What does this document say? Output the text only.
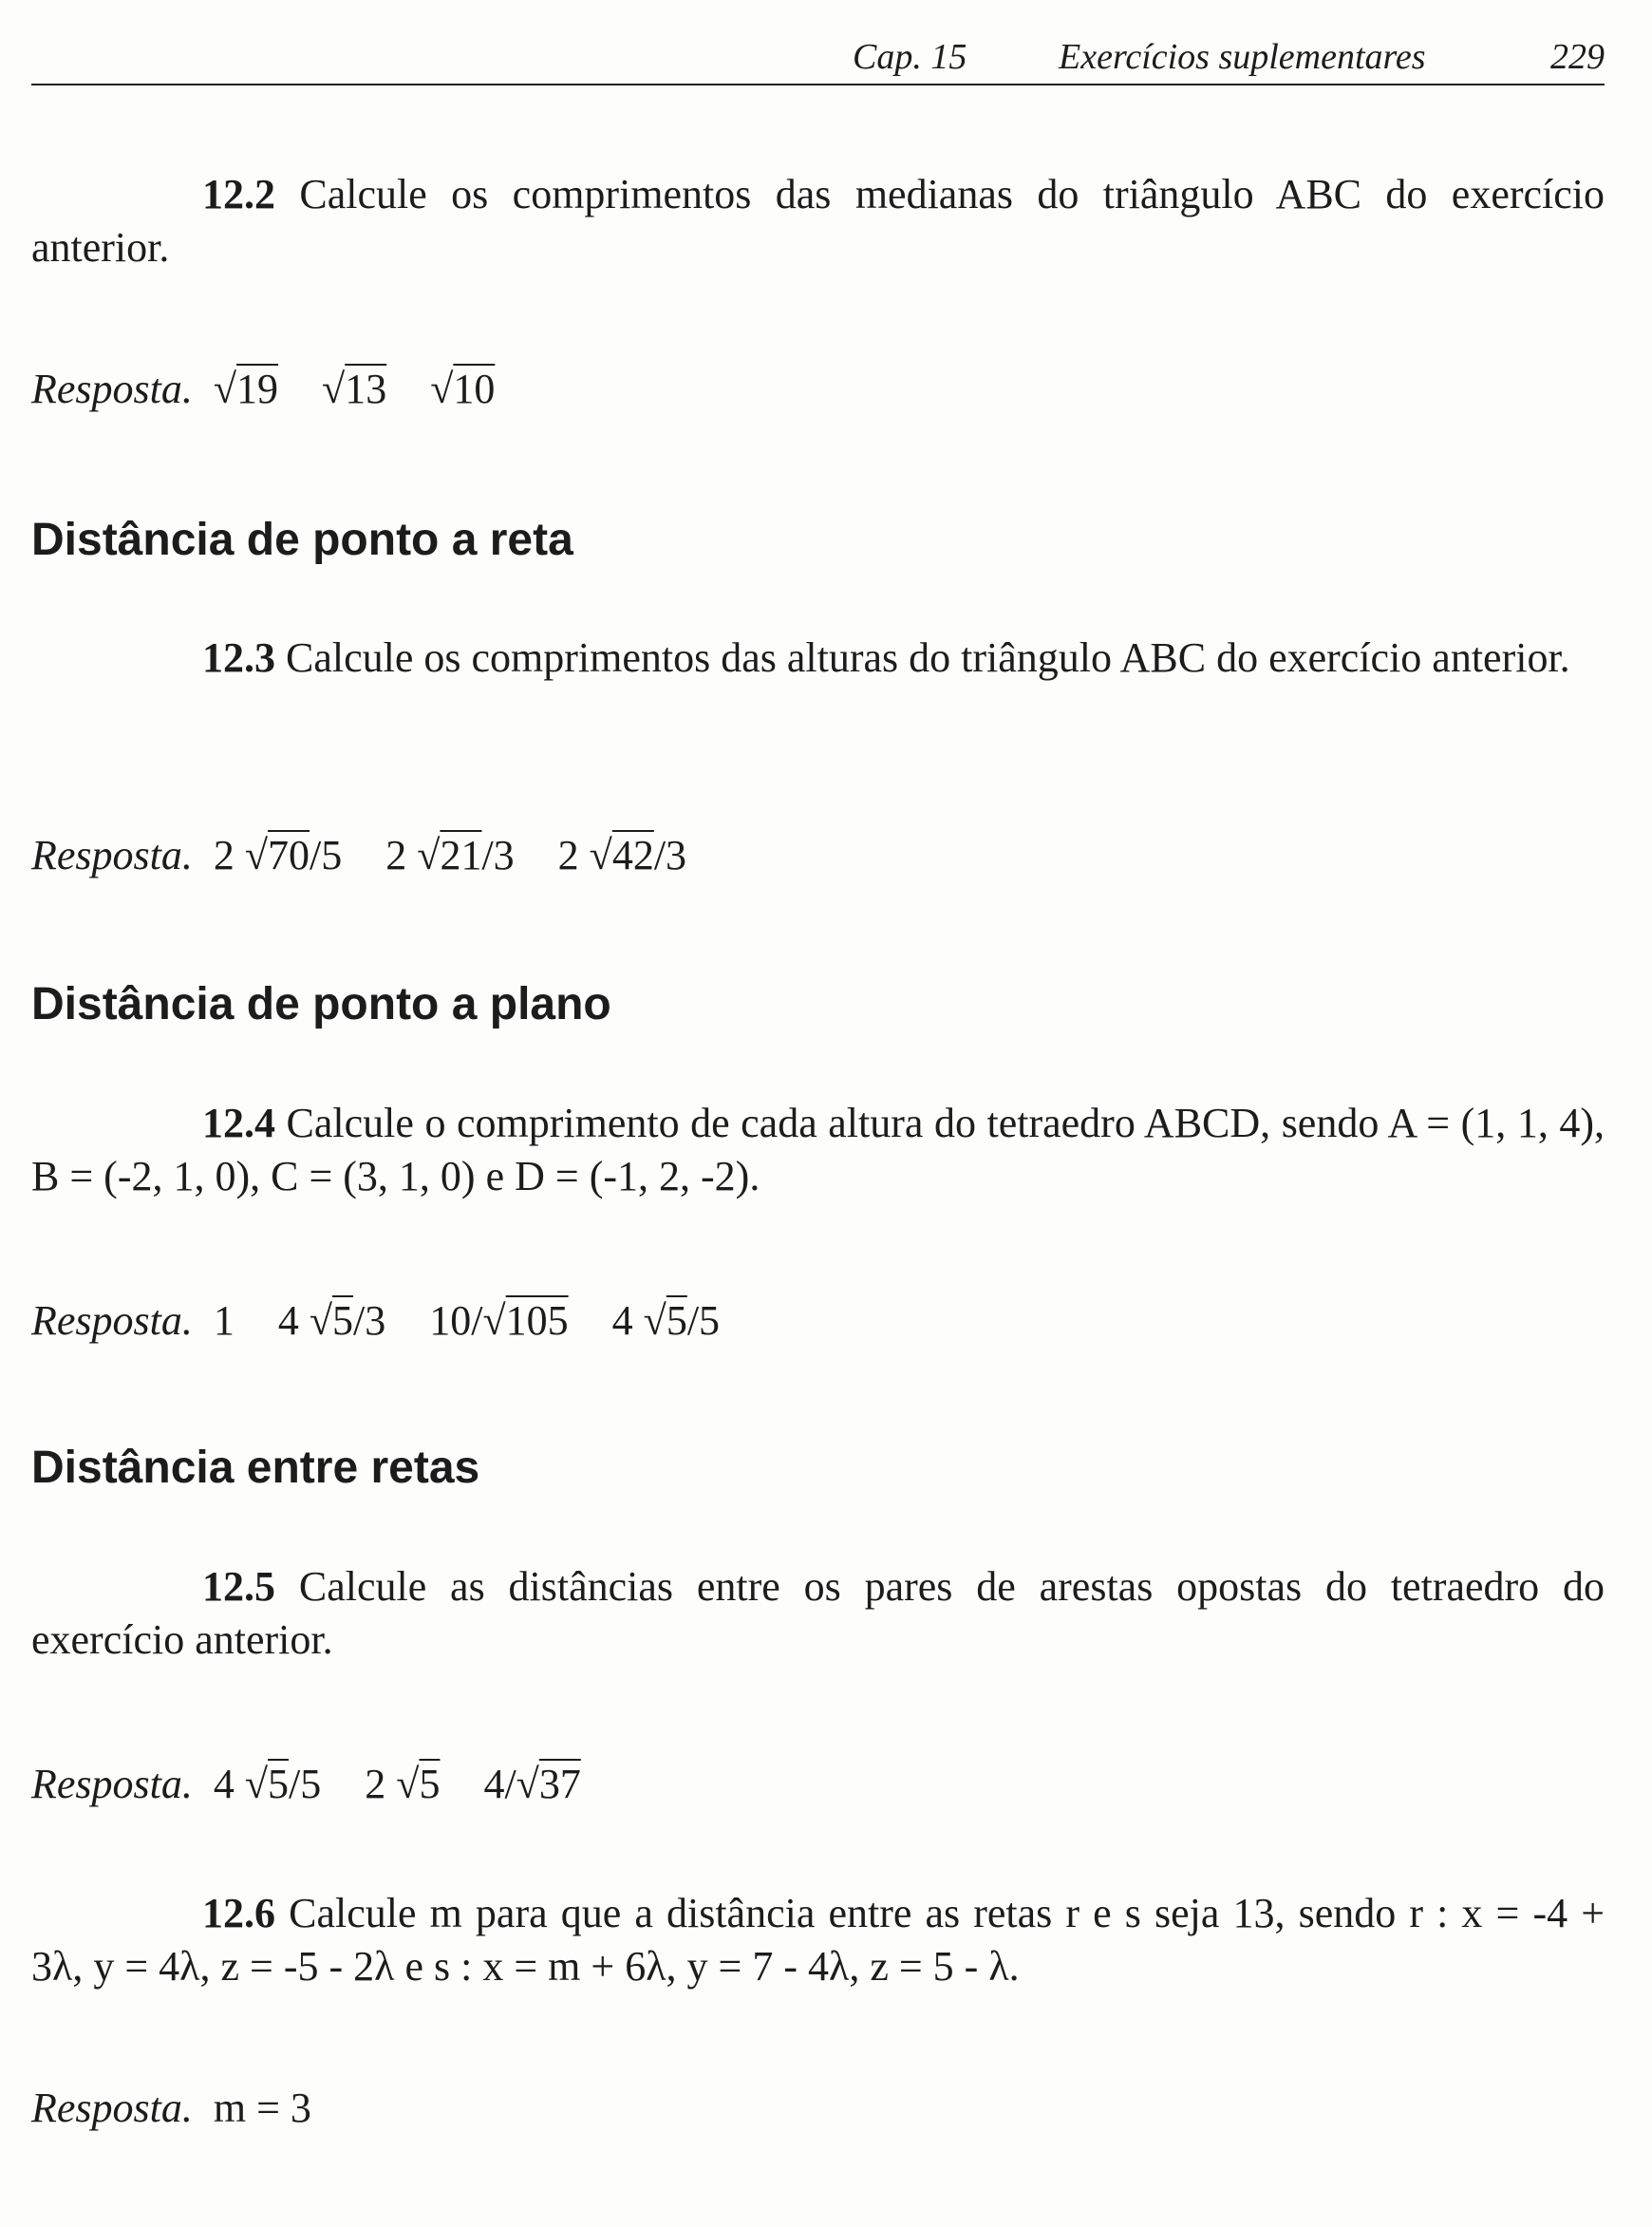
Cap. 15	Exercícios suplementares	229
12.2 Calcule os comprimentos das medianas do triângulo ABC do exercício anterior.
Resposta. √19 √13 √10
Distância de ponto a reta
12.3 Calcule os comprimentos das alturas do triângulo ABC do exercício anterior.
Resposta. 2 √70/5 2 √21/3 2 √42/3
Distância de ponto a plano
12.4 Calcule o comprimento de cada altura do tetraedro ABCD, sendo A = (1, 1, 4), B = (-2, 1, 0), C = (3, 1, 0) e D = (-1, 2, -2).
Resposta. 1 4 √5/3 10/√105 4 √5/5
Distância entre retas
12.5 Calcule as distâncias entre os pares de arestas opostas do tetraedro do exercício anterior.
Resposta. 4 √5/5 2 √5 4/√37
12.6 Calcule m para que a distância entre as retas r e s seja 13, sendo r : x = -4 + 3λ, y = 4λ, z = -5 - 2λ e s : x = m + 6λ, y = 7 - 4λ, z = 5 - λ.
Resposta. m = 3
